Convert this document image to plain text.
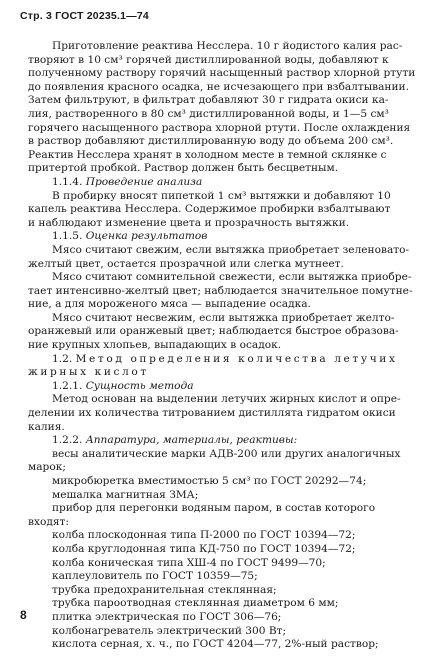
Стр. 3 ГОСТ 20235.1—74
Приготовление реактива Несслера. 10 г йодистого калия рас-
творяют в 10 см³ горячей дистиллированной воды, добавляют к
полученному раствору горячий насыщенный раствор хлорной ртути
до появления красного осадка, не исчезающего при взбалтывании.
Затем фильтруют, в фильтрат добавляют 30 г гидрата окиси ка-
лия, растворенного в 80 см³ дистиллированной воды, и 1—5 см³
горячего насыщенного раствора хлорной ртути. После охлаждения
в раствор добавляют дистиллированную воду до объема 200 см³.
Реактив Несслера хранят в холодном месте в темной склянке с
притертой пробкой. Раствор должен быть бесцветным.
1.1.4. Проведение анализа
В пробирку вносят пипеткой 1 см³ вытяжки и добавляют 10
капель реактива Несслера. Содержимое пробирки взбалтывают
и наблюдают изменение цвета и прозрачность вытяжки.
1.1.5. Оценка результатов
Мясо считают свежим, если вытяжка приобретает зеленовато-
желтый цвет, остается прозрачной или слегка мутнеет.
Мясо считают сомнительной свежести, если вытяжка приобре-
тает интенсивно-желтый цвет; наблюдается значительное помутне-
ние, а для мороженого мяса — выпадение осадка.
Мясо считают несвежим, если вытяжка приобретает желто-
оранжевый или оранжевый цвет; наблюдается быстрое образова-
ние крупных хлопьев, выпадающих в осадок.
1.2. Метод определения количества летучих
жирных кислот
1.2.1. Сущность метода
Метод основан на выделении летучих жирных кислот и опре-
делении их количества титрованием дистиллята гидратом окиси
калия.
1.2.2. Аппаратура, материалы, реактивы:
весы аналитические марки АДВ-200 или других аналогичных
марок;
микробюретка вместимостью 5 см³ по ГОСТ 20292—74;
мешалка магнитная ЗМА;
прибор для перегонки водяным паром, в состав которого
входят:
колба плоскодонная типа П-2000 по ГОСТ 10394—72;
колба круглодонная типа КД-750 по ГОСТ 10394—72;
колба коническая типа ХШ-4 по ГОСТ 9499—70;
каплеуловитель по ГОСТ 10359—75;
трубка предохранительная стеклянная;
трубка пароотводная стеклянная диаметром 6 мм;
плитка электрическая по ГОСТ 306—76;
колбонагреватель электрический 300 Вт;
кислота серная, х. ч., по ГОСТ 4204—77, 2%-ный раствор;
8
